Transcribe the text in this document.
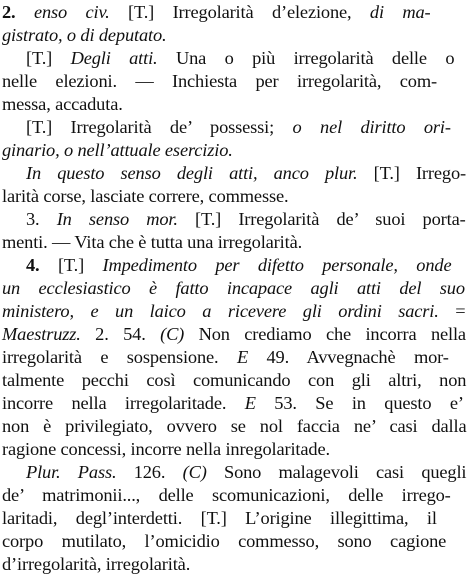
2. enso civ. [T.] Irregolarità d’elezione, di ma-
gistrato, o di deputato.
[T.] Degli atti. Una o più irregolarità delle o
nelle elezioni. — Inchiesta per irregolarità, com-
messa, accaduta.
[T.] Irregolarità de’ possessi; o nel diritto ori-
ginario, o nell’attuale esercizio.
In questo senso degli atti, anco plur. [T.] Irrego-
larità corse, lasciate correre, commesse.
3. In senso mor. [T.] Irregolarità de’ suoi porta-
menti. — Vita che è tutta una irregolarità.
4. [T.] Impedimento per difetto personale, onde
un ecclesiastico è fatto incapace agli atti del suo
ministero, e un laico a ricevere gli ordini sacri. =
Maestruzz. 2. 54. (C) Non crediamo che incorra nella
irregolarità e sospensione. E 49. Avvegnachè mor-
talmente pecchi così comunicando con gli altri, non
incorre nella irregolaritade. E 53. Se in questo e’
non è privilegiato, ovvero se nol faccia ne’ casi dalla
ragione concessi, incorre nella inregolaritade.
Plur. Pass. 126. (C) Sono malagevoli casi quegli
de’ matrimonii..., delle scomunicazioni, delle irrego-
laritadi, degl’interdetti. [T.] L’origine illegittima, il
corpo mutilato, l’omicidio commesso, sono cagione
d’irregolarità, irregolarità.
